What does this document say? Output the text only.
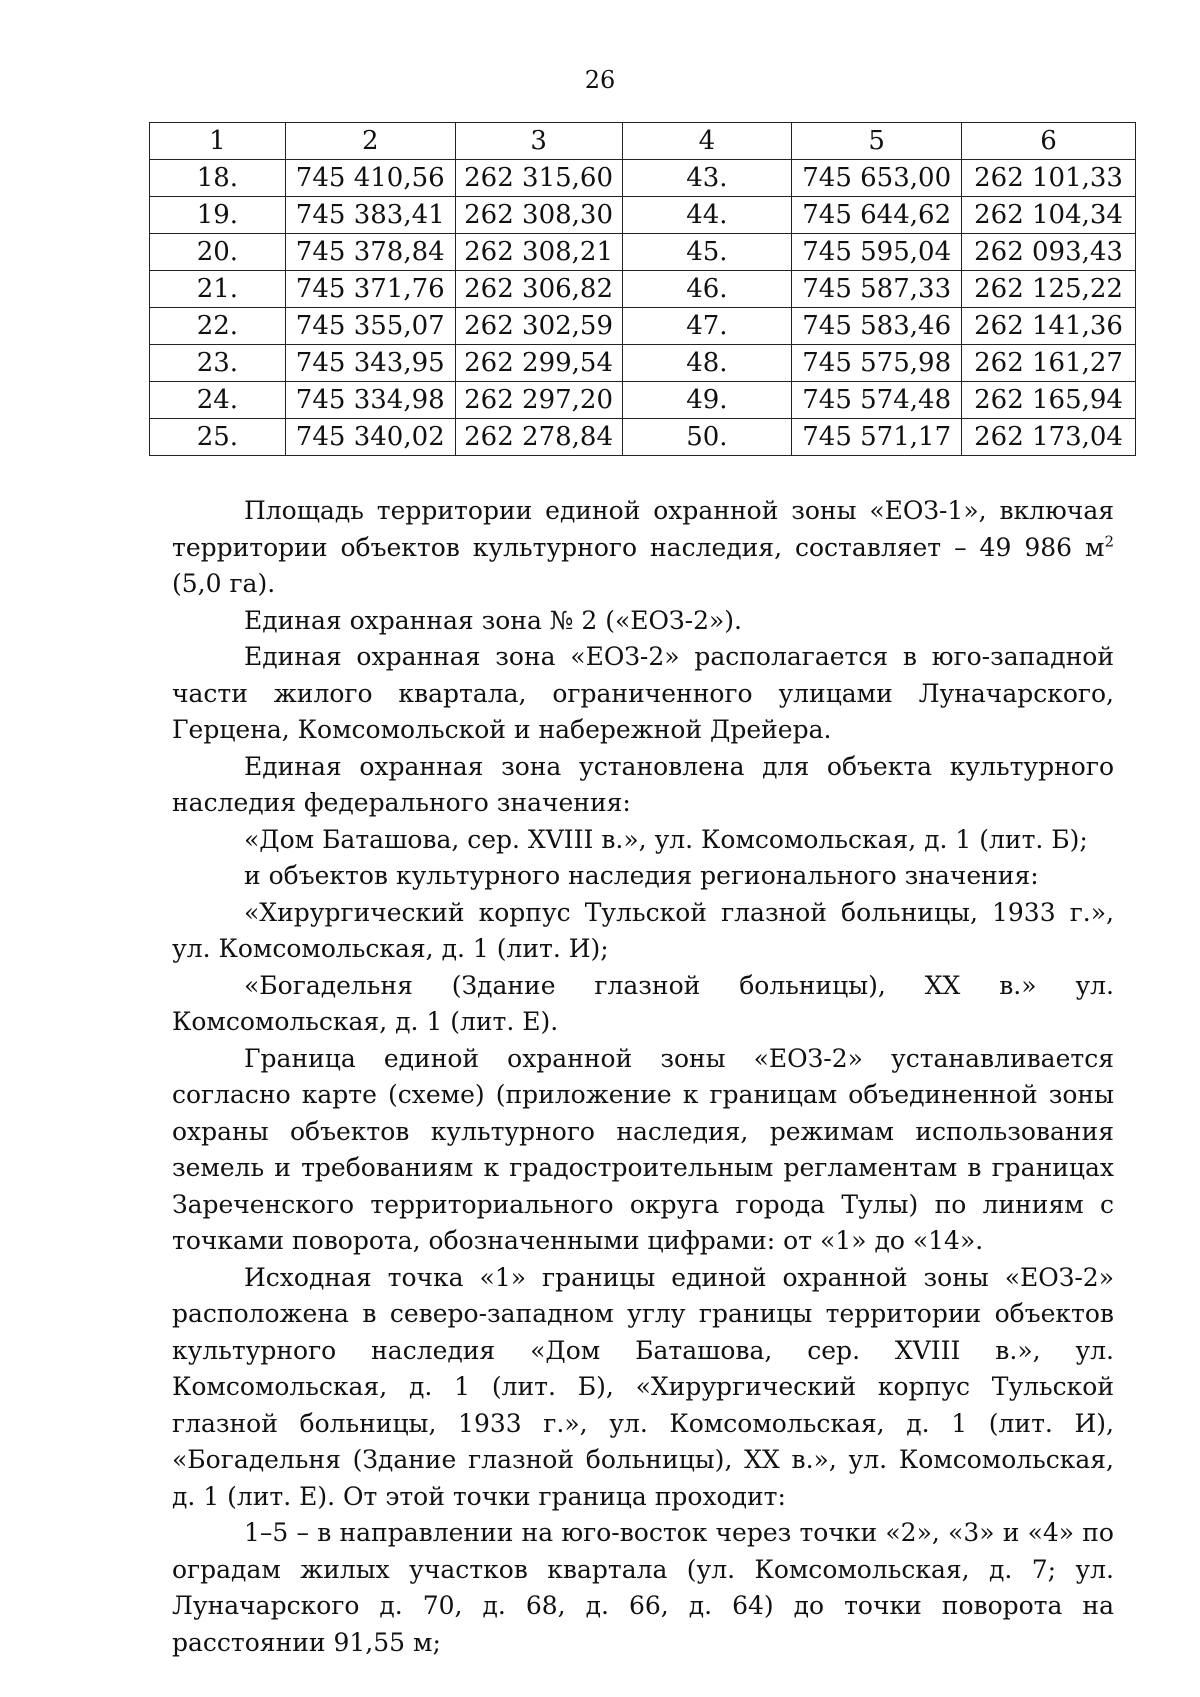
26
1	2	3	4	5	6
18.	745 410,56	262 315,60	43.	745 653,00	262 101,33
19.	745 383,41	262 308,30	44.	745 644,62	262 104,34
20.	745 378,84	262 308,21	45.	745 595,04	262 093,43
21.	745 371,76	262 306,82	46.	745 587,33	262 125,22
22.	745 355,07	262 302,59	47.	745 583,46	262 141,36
23.	745 343,95	262 299,54	48.	745 575,98	262 161,27
24.	745 334,98	262 297,20	49.	745 574,48	262 165,94
25.	745 340,02	262 278,84	50.	745 571,17	262 173,04

Площадь территории единой охранной зоны «ЕОЗ-1», включая территории объектов культурного наследия, составляет – 49 986 $м^2$ (5,0 га).

Единая охранная зона № 2 («ЕОЗ-2»).

Единая охранная зона «ЕОЗ-2» располагается в юго-западной части жилого квартала, ограниченного улицами Луначарского, Герцена, Комсомольской и набережной Дрейера.

Единая охранная зона установлена для объекта культурного наследия федерального значения:

«Дом Баташова, сер. XVIII в.», ул. Комсомольская, д. 1 (лит. Б);

и объектов культурного наследия регионального значения:

«Хирургический корпус Тульской глазной больницы, 1933 г.», ул. Комсомольская, д. 1 (лит. И);

«Богадельня (Здание глазной больницы), XX в.» ул. Комсомольская, д. 1 (лит. Е).

Граница единой охранной зоны «ЕОЗ-2» устанавливается согласно карте (схеме) (приложение к границам объединенной зоны охраны объектов культурного наследия, режимам использования земель и требованиям к градостроительным регламентам в границах Зареченского территориального округа города Тулы) по линиям с точками поворота, обозначенными цифрами: от «1» до «14».

Исходная точка «1» границы единой охранной зоны «ЕОЗ-2» расположена в северо-западном углу границы территории объектов культурного наследия «Дом Баташова, сер. XVIII в.», ул. Комсомольская, д. 1 (лит. Б), «Хирургический корпус Тульской глазной больницы, 1933 г.», ул. Комсомольская, д. 1 (лит. И), «Богадельня (Здание глазной больницы), XX в.», ул. Комсомольская, д. 1 (лит. Е). От этой точки граница проходит:

1–5 – в направлении на юго-восток через точки «2», «3» и «4» по оградам жилых участков квартала (ул. Комсомольская, д. 7; ул. Луначарского д. 70, д. 68, д. 66, д. 64) до точки поворота на расстоянии 91,55 м;
